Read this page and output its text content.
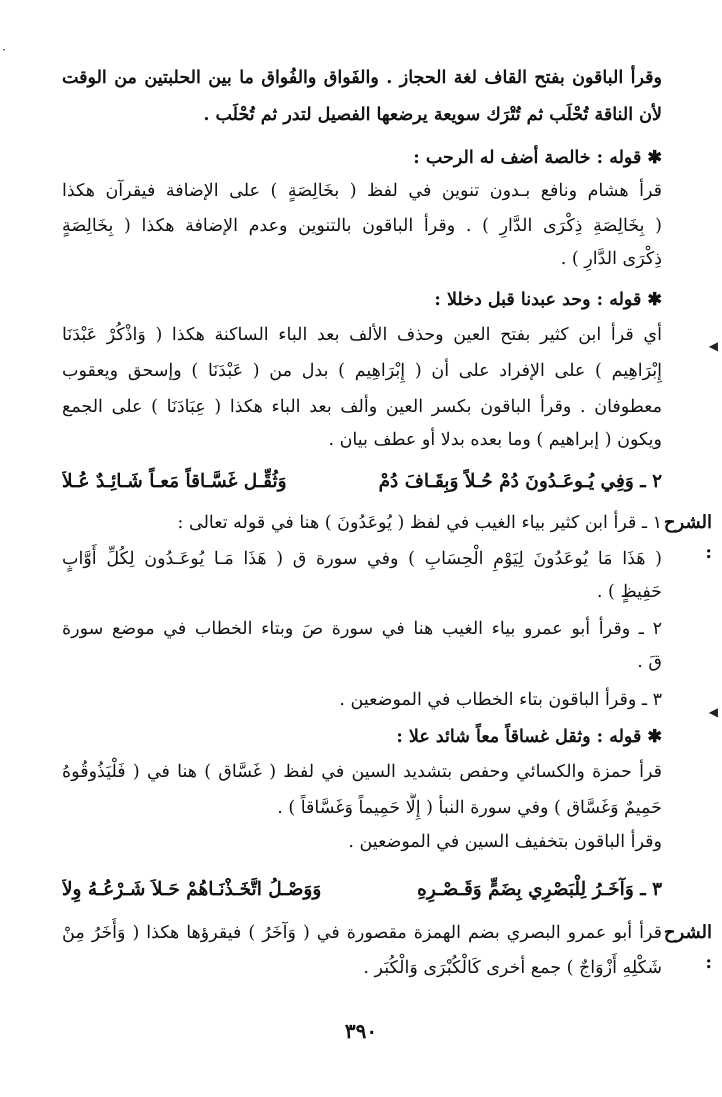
وقرأ الباقون بفتح القاف لغة الحجاز . والفَواق والفُواق ما بين الحلبتين من الوقت
لأن الناقة تُحْلَب ثم تُتْرَك سويعة يرضعها الفصيل لتدر ثم تُحْلَب .
✱قوله : خالصة أضف له الرحب :
قرأ هشام ونافع بـدون تنوين في لفظ ( بخَالِصَةٍ ) على الإضافة فيقرآن هكذا
( بِخَالِصَةِ ذِكْرَى الدَّارِ ) . وقرأ الباقون بالتنوين وعدم الإضافة هكذا ( بِخَالِصَةٍ
ذِكْرَى الدَّارِ ) .
✱قوله : وحد عبدنا قبل دخللا :
أي قرأ ابن كثير بفتح العين وحذف الألف بعد الباء الساكنة هكذا ( وَاذْكُرْ عَبْدَنَا
إِبْرَاهِيم ) على الإفراد على أن ( إِبْرَاهِيم ) بدل من ( عَبْدَنَا ) وإسحق ويعقوب
معطوفان . وقرأ الباقون بكسر العين وألف بعد الباء هكذا ( عِبَادَنَا ) على الجمع
ويكون ( إبراهيم ) وما بعده بدلا أو عطف بيان .
٢ ـ وَفِي يُـوعَـدُونَ دُمْ حُـلاً وَبِقَـافَ دُمْ
وَثُقِّـل غَسَّـاقاً مَعـاً شَـائِـدٌ عُـلاَ
الشرح :
١ ـ قرأ ابن كثير بياء الغيب في لفظ ( يُوعَدُونَ ) هنا في قوله تعالى :
( هَذَا مَا يُوعَدُونَ لِيَوْمِ الْحِسَابِ ) وفي سورة ق ( هَذَا مَـا يُوعَـدُون لِكُلِّ أَوَّابٍ
حَفِيظٍ ) .
٢ ـ وقرأ أبو عمرو بياء الغيب هنا في سورة صَ وبتاء الخطاب في موضع سورة
قَ .
٣ ـ وقرأ الباقون بتاء الخطاب في الموضعين .
✱قوله : وثقل غساقاً معاً شائد علا :
قرأ حمزة والكسائي وحفص بتشديد السين في لفظ ( غَسَّاق ) هنا في ( فَلْيَذُوقُوهُ
حَمِيمٌ وَغَسَّاق ) وفي سورة النبأ ( إِلَّا حَمِيماً وَغَسَّاقاً ) .
وقرأ الباقون بتخفيف السين في الموضعين .
٣ ـ وَآخَـرُ لِلْبَصْرِي بِضَمٍّ وَقَـصْـرِهِ
وَوَصْـلُ اتَّخَـذْنَـاهُمْ حَـلاَ شَـرْعُـهُ وِلاَ
الشرح :
قرأ أبو عمرو البصري بضم الهمزة مقصورة في ( وَآخَرُ ) فيقرؤها هكذا ( وَأُخَرُ مِنْ
شَكْلِهِ أَزْوَاجٌ ) جمع أخرى كَالْكُبْرَى وَالْكُبَر .
٣٩٠
◀
◀
·
